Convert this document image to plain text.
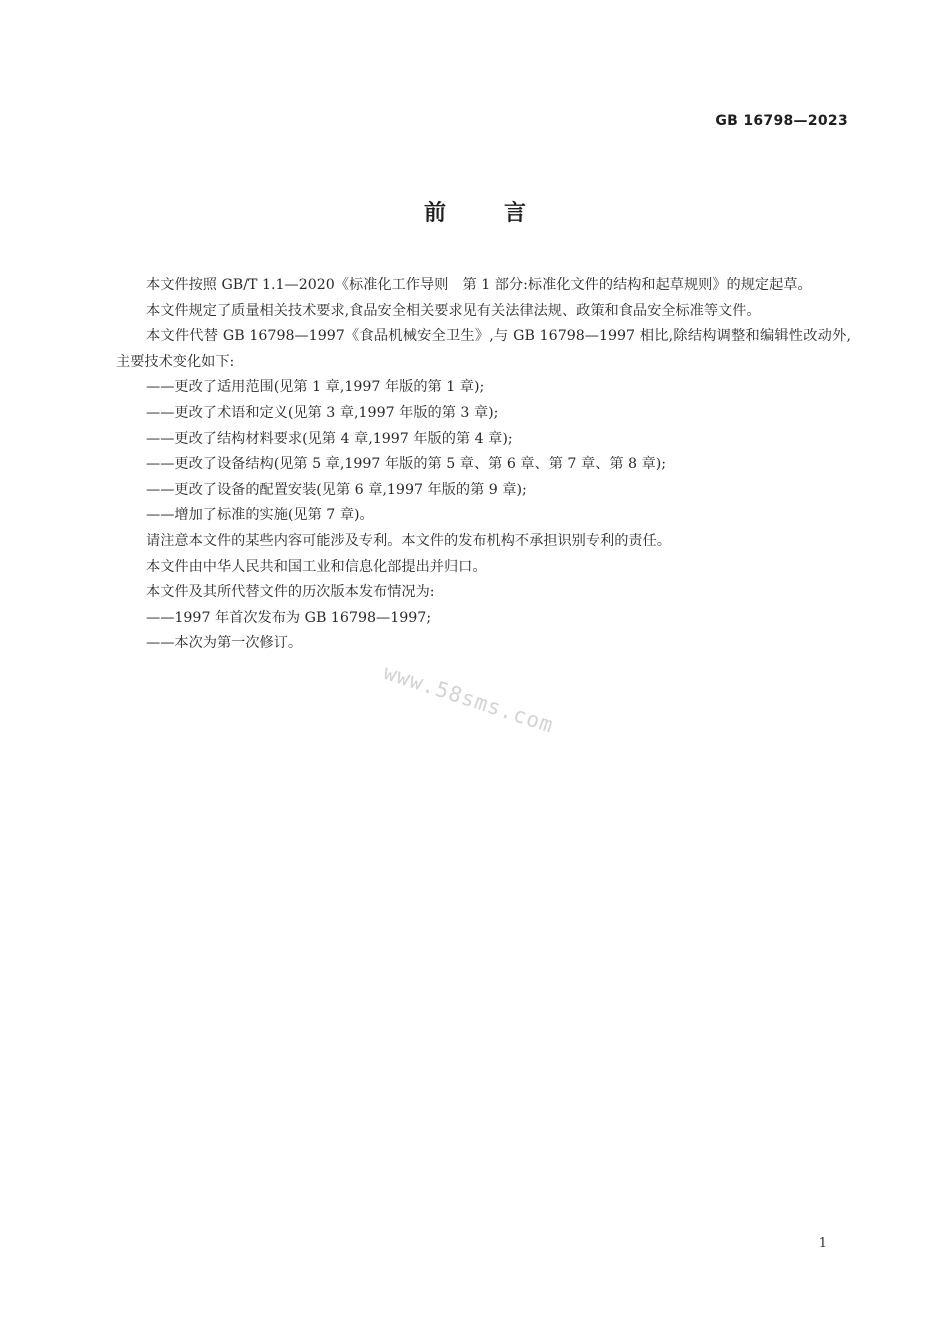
GB 16798—2023
前	言

本文件按照 GB/T 1.1—2020《标准化工作导则　第 1 部分:标准化文件的结构和起草规则》的规定起草。

本文件规定了质量相关技术要求,食品安全相关要求见有关法律法规、政策和食品安全标准等文件。

本文件代替 GB 16798—1997《食品机械安全卫生》,与 GB 16798—1997 相比,除结构调整和编辑性改动外,主要技术变化如下:

——更改了适用范围(见第 1 章,1997 年版的第 1 章);

——更改了术语和定义(见第 3 章,1997 年版的第 3 章);

——更改了结构材料要求(见第 4 章,1997 年版的第 4 章);

——更改了设备结构(见第 5 章,1997 年版的第 5 章、第 6 章、第 7 章、第 8 章);

——更改了设备的配置安装(见第 6 章,1997 年版的第 9 章);

——增加了标准的实施(见第 7 章)。

请注意本文件的某些内容可能涉及专利。本文件的发布机构不承担识别专利的责任。

本文件由中华人民共和国工业和信息化部提出并归口。

本文件及其所代替文件的历次版本发布情况为:

——1997 年首次发布为 GB 16798—1997;

——本次为第一次修订。

www.58sms.com
1
